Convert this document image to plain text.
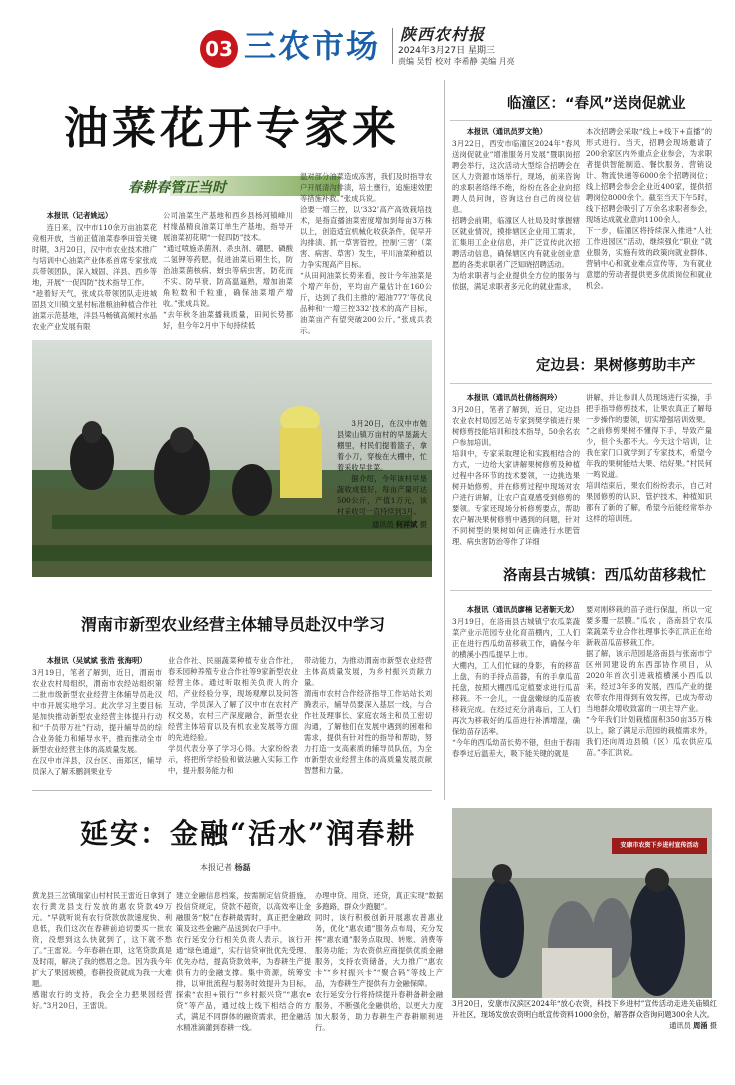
03 三农市场 陕西农村报
2024年3月27日 星期三
责编 吴哲 校对 李希静 美编 月亮
油菜花开专家来
春耕春管正当时

本报讯（记者姚远）

连日来，汉中市110余万亩油菜花竞相开放，当前正值油菜春季田管关键时期，3月20日，汉中市农业技术推广与培训中心油菜产业体系首席专家张成兵带领团队，深入城固、洋县、西乡等地，开展“一促四防”技术指导工作。
“趁着好天气，张成兵带领团队走进城固县文川镇文星村标准粮油种植合作社油菜示范基地，洋县马畅镇高倾村水晶农业产业发展有限
公司油菜生产基地和西乡县杨河镇峰川村缘晶精良油菜订单生产基地，指导开展油菜初花期“一促四防”技术。
“通过喷施杀菌剂、杀虫剂、硼肥、磷酸二氢钾等药肥，促进油菜后期生长，防治油菜菌核病、蚜虫等病虫害，防花而不实、防早衰、防高温逼熟，增加油菜角粒数和千粒重，确保油菜增产增收。”张成兵说。
“去年秋冬油菜播栽质量，田间长势都好，但今年2月中下旬持续低
温对部分油菜造成冻害，我们及时指导农户开展清沟排渍，培土壅行，追施速效肥等措施补救。”张成兵说。
洽要一增三控，以‘332’高产高效栽培技术，是指直播油菜密度增加到每亩3万株以上，创造适宜机械化收获条件，促早开沟排渍、抓一草害管控，控制‘三害’（菜害、病害、草害）发生，平川油菜种植以力争实现高产目标。
“从田间油菜长势来看，按计今年油菜是个增产年份，平均亩产量估计在160公斤，达到了我们主推的‘超油777’等优良品种和‘一增三控332’技术的高产目标，油菜亩产有望突破200公斤。”张成兵表示。

3月20日，在汉中市勉县梁山镇万亩村的早垦蔬大棚里，村民们提着篮子，拿着小刀，穿梭在大棚中，忙着采收早韭菜。

据介绍，今年该村早垦蔬收成很好，每亩产量可达500公斤，产值1万元，该村采收可一直持续到3月。

通讯员 何祥斌 摄

渭南市新型农业经营主体辅导员赴汉中学习

本报讯（吴斌斌 张浩 张海明）

3月19日，笔者了解到，近日，渭南市农业农村局组织，渭南市农经站组织第二批市级新型农业经营主体辅导员赴汉中市开展实地学习。此次学习主要目标是加快推动新型农业经营主体提升行动和“千员带万社”行动，提升辅导员的综合业务能力和辅导水平，推而推动全市新型农业经营主体的高质量发展。
在汉中市洋县，汉台区、南郑区，辅导员深入了解禾鹏洞果业专
业合作社、民丽蔬菜种植专业合作社，春禾园种养殖专业合作社等9家新型农业经营主体。通过听取相关负责人的介绍，产业经验分享，现场观摩以及问答互动，学员深入了解了汉中市在农村产权交易，农村三产深度融合，新型农业经营主体培育以及有机农业发展等方面的先进经验。
学员代表分享了学习心得。大家纷纷表示，将把所学经验和做法融入实际工作中，提升服务能力和
带动能力，为推动渭南市新型农业经营主体高质量发展，为乡村振兴贡献力量。
渭南市农村合作经济指导工作站站长刘腾表示，辅导员要深入基层一线，与合作社及理事长、家庭农场主和员工密切沟通，了解他们在发展中遇到的困难和需求，提供有针对性的指导和帮助，努力打造一支高素质的辅导员队伍，为全市新型农业经营主体的高质量发展贡献智慧和力量。
延安：金融“活水”润春耕
本报记者 杨磊
黄龙县三岔镇瑞家山村村民王雷近日拿到了农行黄龙县支行发放的惠农贷款49万元。“早就听说有农行贷款放款速度快、利息低，我们这次在春耕前迫切要买一批农资，没想到这么快就到了，这下就不愁了。”王雷说。今年春耕在即，这笔贷款真是及时雨，解决了我的燃眉之急。因为我今年扩大了果园规模，春耕投资就成为我一大难题。
感谢农行的支持，我会全力把果园经营好。”3月20日，王雷说。
建立金融信息档案，按需制定信贷措施，投信贷规定，贷款不超资，以高效率让金融服务“脱”在春耕最需时，真正把金融政策及这些金融产品送到农户手中。
农行延安分行相关负责人表示，该行开通“绿色通道”，实行信贷审批优先受理、优先办结，提高贷款效率，为春耕生产提供有力的金融支撑。集中资源，统筹安排，以审批流程与服务时效提升为目标，探索“农担+银行”“乡村振兴贷”“惠农e贷”等产品，通过线上线下相结合的方式，满足不同群体的融资需求，把金融活水精准滴灌到春耕一线。
办理申贷、用贷、还贷，真正实现“数据多跑路，群众少跑腿”。
同时，该行积极创新开展惠农普惠业务，优化“惠农通”服务点布局，充分发挥“惠农通”服务点取现、转账、消费等服务功能；为农资供应商提供优质金融服务，支持农资储备，大力推广“惠农卡”“乡村振兴卡”“聚合码”等线上产品，为春耕生产提供有力金融保障。
农行延安分行将持续提升春耕备耕金融服务，不断强化金融供给，以更大力度加大服务，助力春耕生产春耕顺利进行。
安康市农资下乡进村宣传活动
3月20日，安康市汉滨区2024年“放心农资，科技下乡进村”宣传活动走进关庙镇红升社区，现场发放农资明白纸宣传资料1000余份，解答群众咨询问题300余人次。
通讯员 周涌 摄
临潼区：“春风”送岗促就业

本报讯（通讯员罗文艳）

3月22日，西安市临潼区2024年“春风送岗促就业”增准服务月发展”暨职岗招聘会举行，这次活动大型综合招聘会在区人力资源市场举行，现场，前来咨询的求职者络绎不绝，纷纷在各企业向招聘人员问询，咨询这台自己的岗位信息。
招聘会前期，临潼区人社局及时掌握辖区就业情况，摸排辖区企业用工需求，汇集用工企业信息，并广泛宣传此次招聘活动信息，确保辖区内有就业创业意愿的各类求职者广泛知晓招聘活动。
为给求职者与企业提供全方位的服务与依据，满足求职者多元化的就业需求，
本次招聘会采取“线上+线下+直播”的形式进行。当天，招聘会现场邀请了200余家区内外重点企业参会，为求职者提供智能制造、餐饮服务、营销设计、物流快递等6000余个招聘岗位；线上招聘会参会企业近400家，提供招聘岗位8000余个。截至当天下午5时，线下招聘会吸引了万余名求职者参会，现场达成就业意向1100余人。
下一步，临潼区将持续深入推进“人社工作进园区”活动，继续强化“职业 ”就业服务，实施有效的政策向就业群体、营销中心和就业难点宣传等，为有就业意愿的劳动者提供更多优质岗位和就业机会。
定边县：果树修剪助丰产

本报讯（通讯员杜倩杨润玲）

3月20日，笔者了解到，近日，定边县农业农村局园艺站专家到樊学镇进行果树修剪技能培训和技术指导，50余名农户参加培训。
培训中，专家采取理论和实践相结合的方式，一边给大家讲解果树修剪及种植过程中各环节的技术要领，一边挑选果树开始修剪，并在修剪过程中现场对农户进行讲解，让农户直观感受到修剪的要领。专家还现场分析修剪要点，帮助农户解决果树修剪中遇到的问题，针对不同树型的果树如何正确进行水肥管理、病虫害防治等作了详细
讲解，并让参训人员现场进行实操，手把手指导修剪技术，让果农真正了解每一步操作的要领，切实增强培训效果。
“之前修剪果树不懂得下手，导致产量少，但个头都不大。今天这个培训，让我在家门口就学到了专家技术，希望今年我的果树能结大果、结好果。”村民何一鸣说道。
培训结束后，果农们纷纷表示，自己对果园修剪的认识、管护技术、种植知识都有了新的了解，希望今后能经常举办这样的培训班。
洛南县古城镇：西瓜幼苗移栽忙

本报讯（通讯员廖楠 记者靳天龙）

3月19日，在洛南县古城镇宁农瓜菜蔬菜产业示范园专业化育苗棚内，工人们正在进行西瓜幼苗移栽工作，确保今年的横溪小西瓜提早上市。
大棚内，工人们忙碌的身影，有的移苗上盘，有的手持点苗器，有的手拿瓜苗托盘，按照大棚西瓜定植要求进行瓜苗移栽。不一会儿，一盘盘嫩绿的瓜苗被移栽完成。在经过充分消毒后，工人们再次为移栽好的瓜苗进行补洒增湿，确保幼苗存活率。
“今年的西瓜幼苗长势不错，但由于春雨春季过后温差大，吸下能关键的就是
要对刚移栽的苗子进行保温，所以一定要多覆一层膜。”瓜农 ，洛南县宁农瓜菜蔬菜专业合作社理事长李汇洪正在给新栽苗瓜苗移栽工作。
据了解，该示范园是洛南县与张南市宁区州同建设的东西部协作项目，从2020年首次引进栽植横溪小西瓜以来，经过3年多的发展，西瓜产业的提农带农作用得到有效发挥，已成为带动当地群众增收致富的一项主导产业。
“今年我们计划栽植面积350亩35万株以上，除了满足示范园的栽植需求外，我们还向周边县镇（区）瓜农供应瓜苗。”李汇洪说。
